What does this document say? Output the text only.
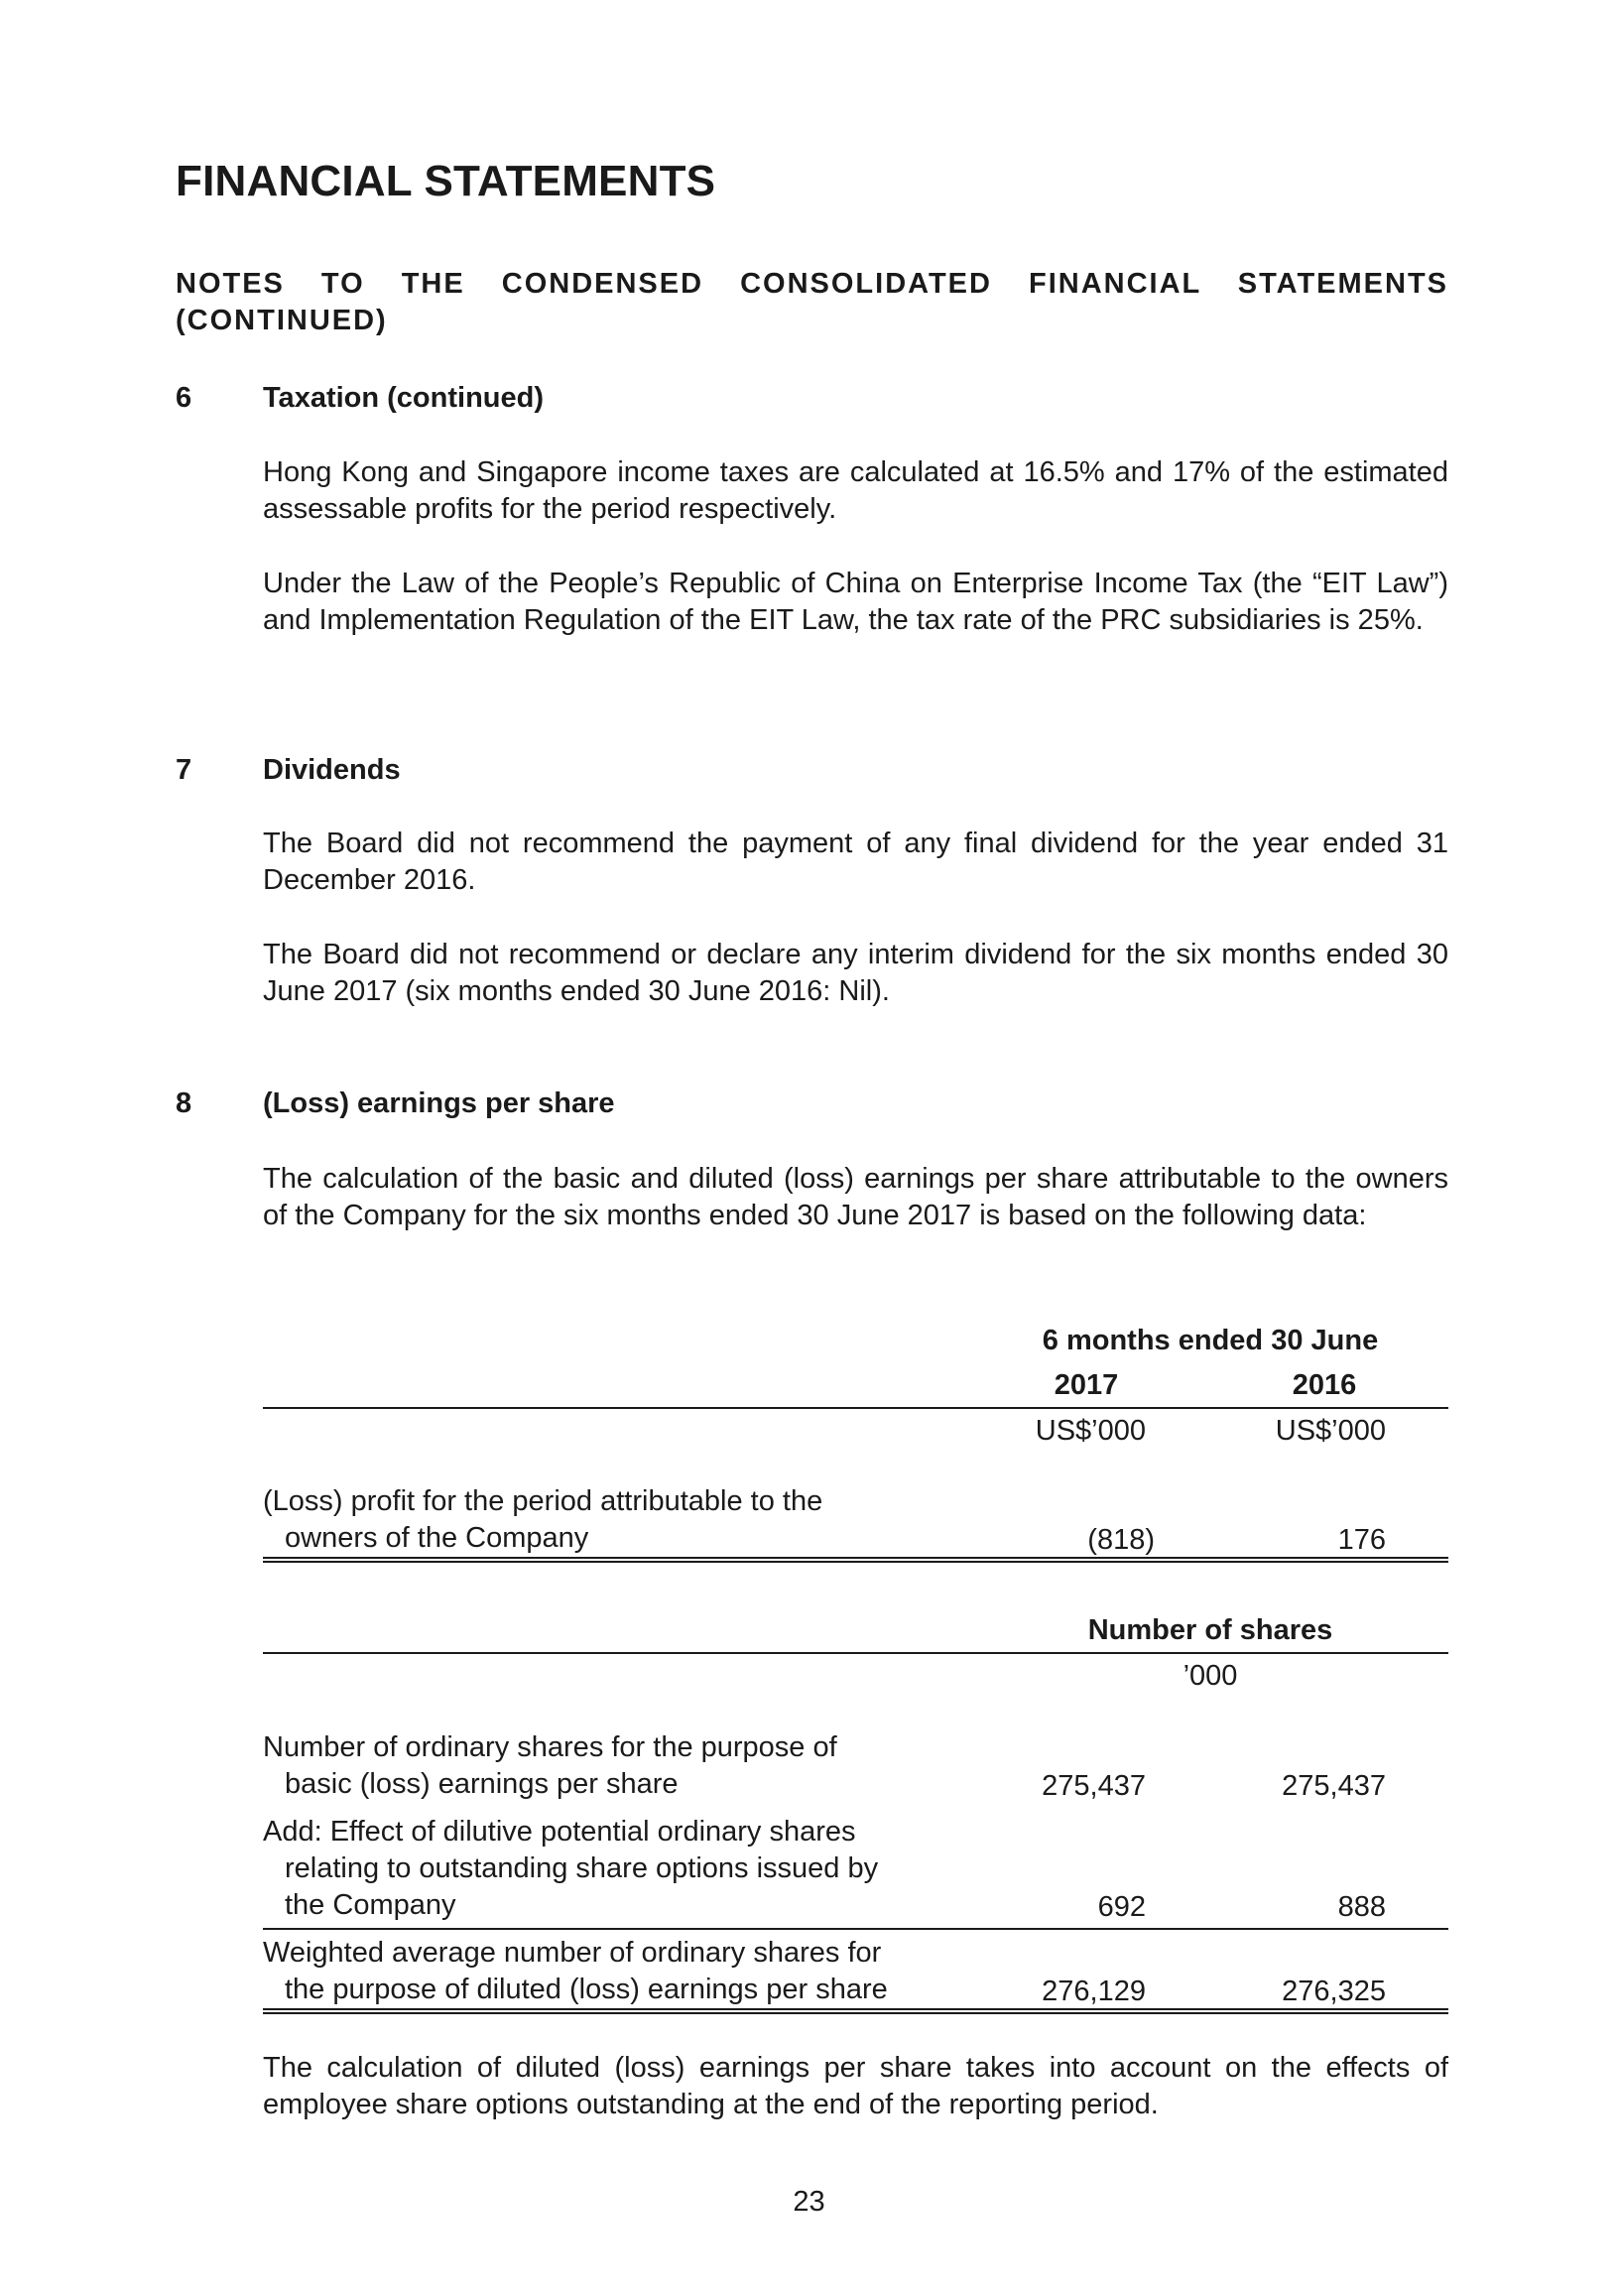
FINANCIAL STATEMENTS
NOTES TO THE CONDENSED CONSOLIDATED FINANCIAL STATEMENTS (CONTINUED)
6 Taxation (continued)
Hong Kong and Singapore income taxes are calculated at 16.5% and 17% of the estimated assessable profits for the period respectively.
Under the Law of the People’s Republic of China on Enterprise Income Tax (the “EIT Law”) and Implementation Regulation of the EIT Law, the tax rate of the PRC subsidiaries is 25%.
7 Dividends
The Board did not recommend the payment of any final dividend for the year ended 31 December 2016.
The Board did not recommend or declare any interim dividend for the six months ended 30 June 2017 (six months ended 30 June 2016: Nil).
8 (Loss) earnings per share
The calculation of the basic and diluted (loss) earnings per share attributable to the owners of the Company for the six months ended 30 June 2017 is based on the following data:
6 months ended 30 June
2017	2016
US$’000	US$’000
(Loss) profit for the period attributable to the
owners of the Company	(818)	176
Number of shares
’000
Number of ordinary shares for the purpose of
basic (loss) earnings per share	275,437	275,437
Add: Effect of dilutive potential ordinary shares
relating to outstanding share options issued by
the Company	692	888
Weighted average number of ordinary shares for
the purpose of diluted (loss) earnings per share	276,129	276,325
The calculation of diluted (loss) earnings per share takes into account on the effects of employee share options outstanding at the end of the reporting period.
23
